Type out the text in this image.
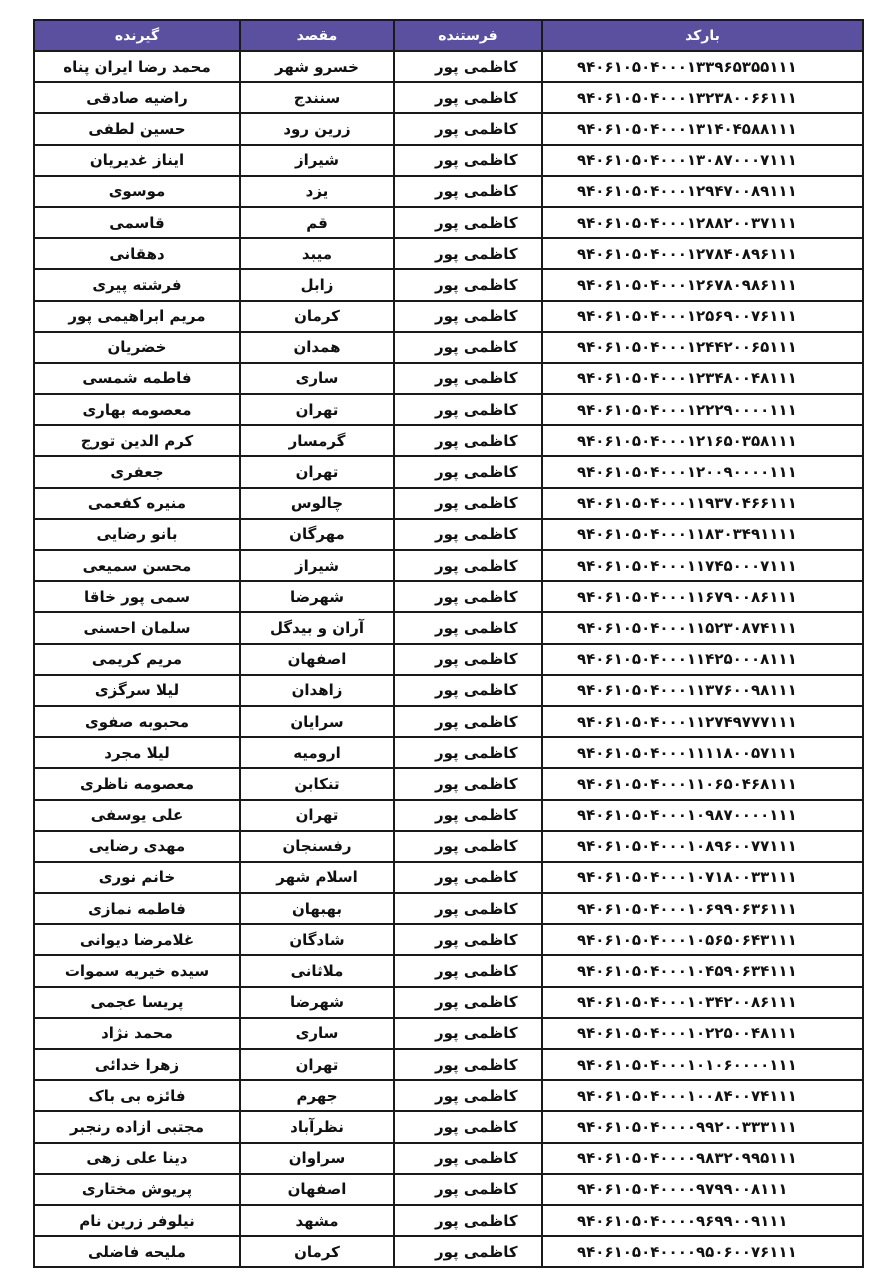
بارکد	فرستنده	مقصد	گیرنده
۹۴۰۶۱۰۵۰۴۰۰۰۱۳۳۹۶۵۳۵۵۱۱۱	کاظمی پور	خسرو شهر	محمد رضا ایران پناه
۹۴۰۶۱۰۵۰۴۰۰۰۱۳۲۳۸۰۰۶۶۱۱۱	کاظمی پور	سنندج	راضیه صادقی
۹۴۰۶۱۰۵۰۴۰۰۰۱۳۱۴۰۴۵۸۸۱۱۱	کاظمی پور	زرین رود	حسین لطفی
۹۴۰۶۱۰۵۰۴۰۰۰۱۳۰۸۷۰۰۰۷۱۱۱	کاظمی پور	شیراز	ایناز غدیریان
۹۴۰۶۱۰۵۰۴۰۰۰۱۲۹۴۷۰۰۸۹۱۱۱	کاظمی پور	یزد	موسوی
۹۴۰۶۱۰۵۰۴۰۰۰۱۲۸۸۲۰۰۳۷۱۱۱	کاظمی پور	قم	قاسمی
۹۴۰۶۱۰۵۰۴۰۰۰۱۲۷۸۴۰۸۹۶۱۱۱	کاظمی پور	میبد	دهقانی
۹۴۰۶۱۰۵۰۴۰۰۰۱۲۶۷۸۰۹۸۶۱۱۱	کاظمی پور	زابل	فرشته پیری
۹۴۰۶۱۰۵۰۴۰۰۰۱۲۵۶۹۰۰۷۶۱۱۱	کاظمی پور	کرمان	مریم ابراهیمی پور
۹۴۰۶۱۰۵۰۴۰۰۰۱۲۴۴۲۰۰۶۵۱۱۱	کاظمی پور	همدان	خضریان
۹۴۰۶۱۰۵۰۴۰۰۰۱۲۳۴۸۰۰۴۸۱۱۱	کاظمی پور	ساری	فاطمه شمسی
۹۴۰۶۱۰۵۰۴۰۰۰۱۲۲۲۹۰۰۰۰۱۱۱	کاظمی پور	تهران	معصومه بهاری
۹۴۰۶۱۰۵۰۴۰۰۰۱۲۱۶۵۰۳۵۸۱۱۱	کاظمی پور	گرمسار	کرم الدین تورج
۹۴۰۶۱۰۵۰۴۰۰۰۱۲۰۰۹۰۰۰۰۱۱۱	کاظمی پور	تهران	جعفری
۹۴۰۶۱۰۵۰۴۰۰۰۱۱۹۳۷۰۴۶۶۱۱۱	کاظمی پور	چالوس	منیره کفعمی
۹۴۰۶۱۰۵۰۴۰۰۰۱۱۸۳۰۳۴۹۱۱۱۱	کاظمی پور	مهرگان	بانو رضایی
۹۴۰۶۱۰۵۰۴۰۰۰۱۱۷۴۵۰۰۰۷۱۱۱	کاظمی پور	شیراز	محسن سمیعی
۹۴۰۶۱۰۵۰۴۰۰۰۱۱۶۷۹۰۰۸۶۱۱۱	کاظمی پور	شهرضا	سمی پور خاقا
۹۴۰۶۱۰۵۰۴۰۰۰۱۱۵۲۳۰۸۷۴۱۱۱	کاظمی پور	آران و بیدگل	سلمان احسنی
۹۴۰۶۱۰۵۰۴۰۰۰۱۱۴۲۵۰۰۰۸۱۱۱	کاظمی پور	اصفهان	مریم کریمی
۹۴۰۶۱۰۵۰۴۰۰۰۱۱۳۷۶۰۰۹۸۱۱۱	کاظمی پور	زاهدان	لیلا سرگزی
۹۴۰۶۱۰۵۰۴۰۰۰۱۱۲۷۴۹۷۷۷۱۱۱	کاظمی پور	سرایان	محبوبه صفوی
۹۴۰۶۱۰۵۰۴۰۰۰۱۱۱۱۸۰۰۵۷۱۱۱	کاظمی پور	ارومیه	لیلا مجرد
۹۴۰۶۱۰۵۰۴۰۰۰۱۱۰۶۵۰۴۶۸۱۱۱	کاظمی پور	تنکابن	معصومه ناظری
۹۴۰۶۱۰۵۰۴۰۰۰۱۰۹۸۷۰۰۰۰۱۱۱	کاظمی پور	تهران	علی یوسفی
۹۴۰۶۱۰۵۰۴۰۰۰۱۰۸۹۶۰۰۷۷۱۱۱	کاظمی پور	رفسنجان	مهدی رضایی
۹۴۰۶۱۰۵۰۴۰۰۰۱۰۷۱۸۰۰۳۳۱۱۱	کاظمی پور	اسلام شهر	خانم نوری
۹۴۰۶۱۰۵۰۴۰۰۰۱۰۶۹۹۰۶۳۶۱۱۱	کاظمی پور	بهبهان	فاطمه نمازی
۹۴۰۶۱۰۵۰۴۰۰۰۱۰۵۶۵۰۶۴۳۱۱۱	کاظمی پور	شادگان	غلامرضا دیوانی
۹۴۰۶۱۰۵۰۴۰۰۰۱۰۴۵۹۰۶۳۴۱۱۱	کاظمی پور	ملاثانی	سیده خیریه سموات
۹۴۰۶۱۰۵۰۴۰۰۰۱۰۳۴۲۰۰۸۶۱۱۱	کاظمی پور	شهرضا	پریسا عجمی
۹۴۰۶۱۰۵۰۴۰۰۰۱۰۲۲۵۰۰۴۸۱۱۱	کاظمی پور	ساری	محمد نژاد
۹۴۰۶۱۰۵۰۴۰۰۰۱۰۱۰۶۰۰۰۰۱۱۱	کاظمی پور	تهران	زهرا خدائی
۹۴۰۶۱۰۵۰۴۰۰۰۱۰۰۸۴۰۰۷۴۱۱۱	کاظمی پور	جهرم	فائزه بی باک
۹۴۰۶۱۰۵۰۴۰۰۰۰۹۹۲۰۰۳۳۳۱۱۱	کاظمی پور	نظرآباد	مجتبی ازاده رنجبر
۹۴۰۶۱۰۵۰۴۰۰۰۰۹۸۳۲۰۹۹۵۱۱۱	کاظمی پور	سراوان	دینا علی زهی
۹۴۰۶۱۰۵۰۴۰۰۰۰۹۷۹۹۰۰۸۱۱۱	کاظمی پور	اصفهان	پریوش مختاری
۹۴۰۶۱۰۵۰۴۰۰۰۰۹۶۹۹۰۰۹۱۱۱	کاظمی پور	مشهد	نیلوفر زرین نام
۹۴۰۶۱۰۵۰۴۰۰۰۰۹۵۰۶۰۰۷۶۱۱۱	کاظمی پور	کرمان	ملیحه فاضلی
